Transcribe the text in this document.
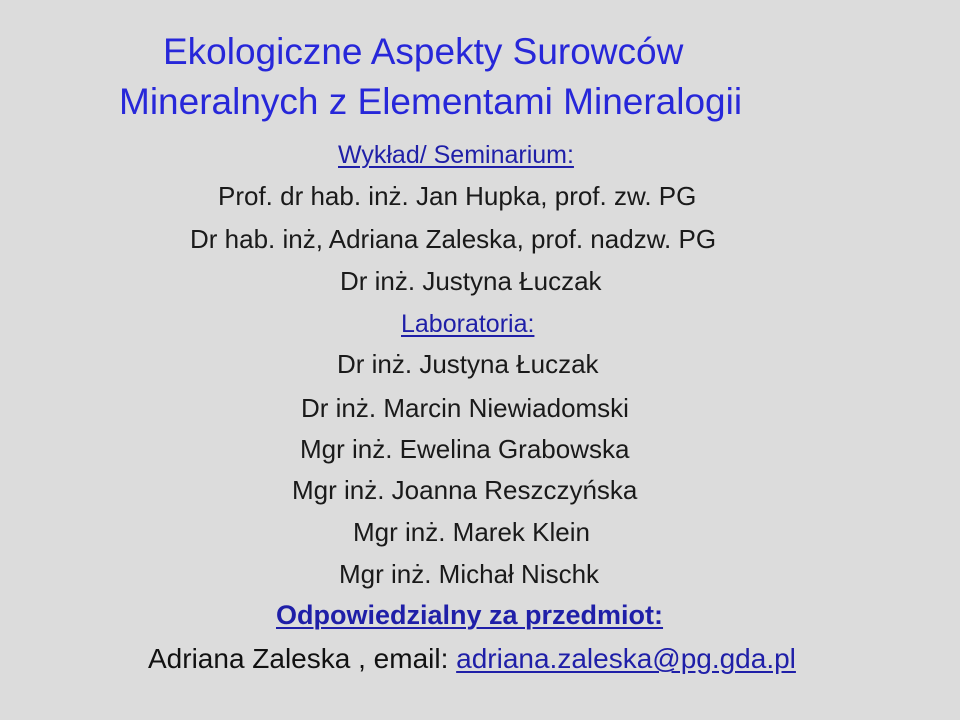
Ekologiczne Aspekty Surowców
Mineralnych z Elementami Mineralogii
Wykład/ Seminarium:
Prof. dr hab. inż. Jan Hupka, prof. zw. PG
Dr hab. inż, Adriana Zaleska, prof. nadzw. PG
Dr inż. Justyna Łuczak
Laboratoria:
Dr inż. Justyna Łuczak
Dr inż. Marcin Niewiadomski
Mgr inż. Ewelina Grabowska
Mgr inż. Joanna Reszczyńska
Mgr inż. Marek Klein
Mgr inż. Michał Nischk
Odpowiedzialny za przedmiot:
Adriana Zaleska , email: adriana.zaleska@pg.gda.pl
